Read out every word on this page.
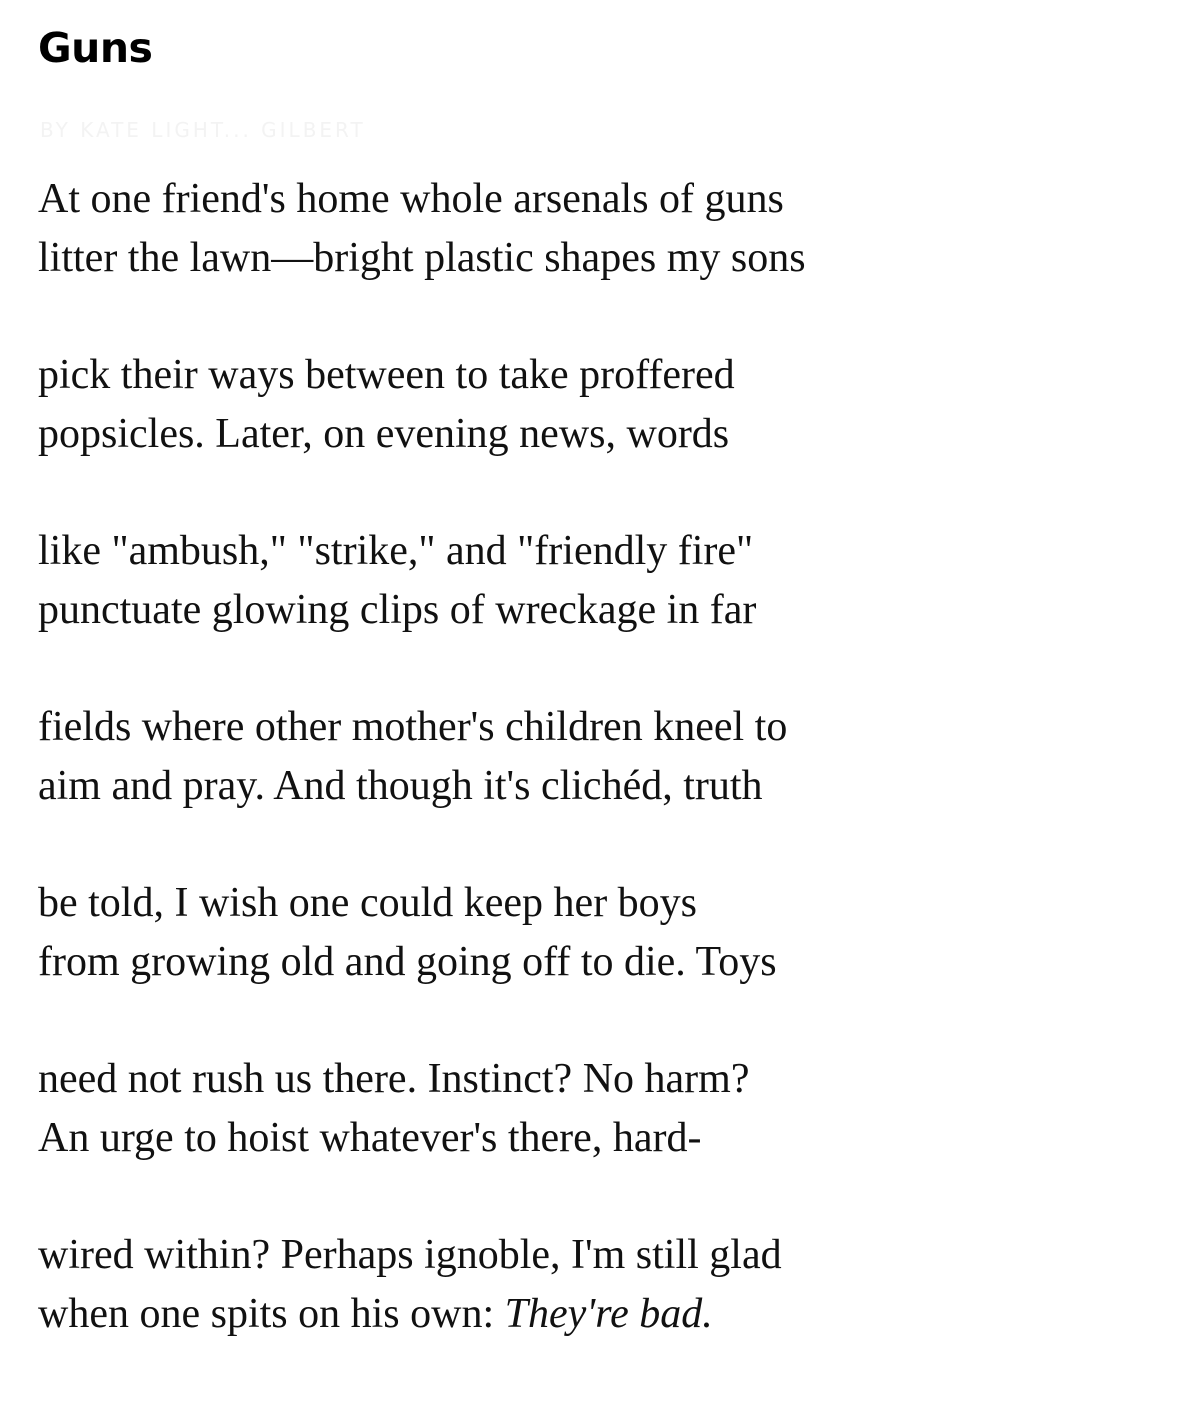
Guns
BY KATE LIGHT... GILBERT
At one friend's home whole arsenals of guns
litter the lawn—bright plastic shapes my sons
pick their ways between to take proffered
popsicles. Later, on evening news, words
like "ambush," "strike," and "friendly fire"
punctuate glowing clips of wreckage in far
fields where other mother's children kneel to
aim and pray. And though it's clichéd, truth
be told, I wish one could keep her boys
from growing old and going off to die. Toys
need not rush us there. Instinct? No harm?
An urge to hoist whatever's there, hard-
wired within? Perhaps ignoble, I'm still glad
when one spits on his own: They're bad.
